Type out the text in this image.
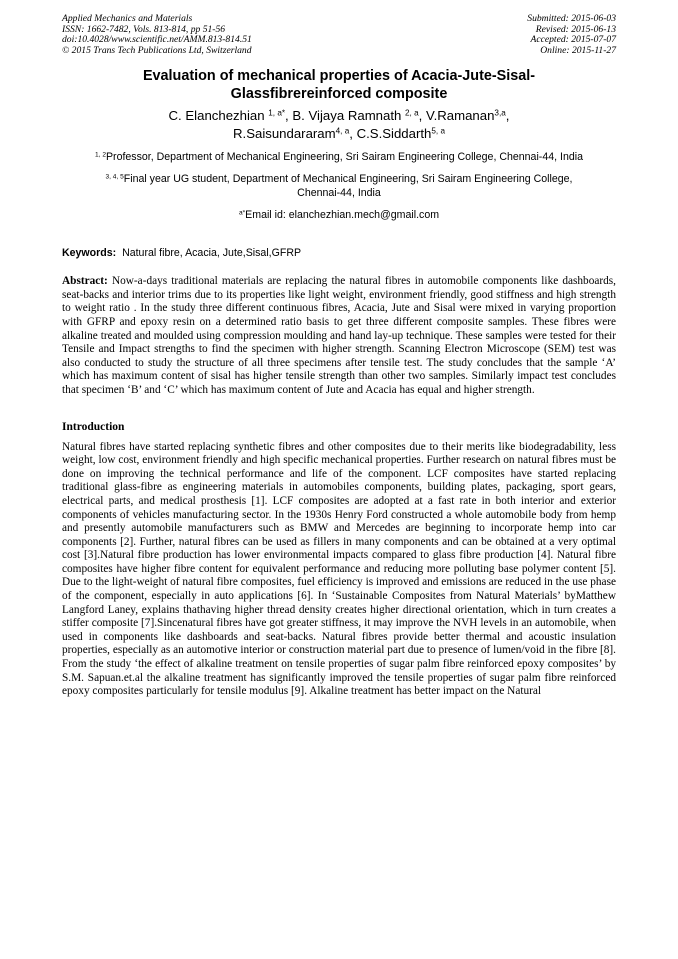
Applied Mechanics and Materials
ISSN: 1662-7482, Vols. 813-814, pp 51-56
doi:10.4028/www.scientific.net/AMM.813-814.51
© 2015 Trans Tech Publications Ltd, Switzerland
Submitted: 2015-06-03
Revised: 2015-06-13
Accepted: 2015-07-07
Online: 2015-11-27
Evaluation of mechanical properties of Acacia-Jute-Sisal-
Glassfibrereinforced composite
C. Elanchezhian $^{1, a*}$, B. Vijaya Ramnath $^{2, a}$, V.Ramanan$^{3,a}$,
R.Saisundararam$^{4, a}$, C.S.Siddarth$^{5, a}$
$^{1, 2}$Professor, Department of Mechanical Engineering, Sri Sairam Engineering College, Chennai-44, India
$^{3, 4, 5}$Final year UG student, Department of Mechanical Engineering, Sri Sairam Engineering College,
Chennai-44, India
$^{a*}$Email id: elanchezhian.mech@gmail.com
Keywords: Natural fibre, Acacia, Jute,Sisal,GFRP
Abstract: Now-a-days traditional materials are replacing the natural fibres in automobile components like dashboards, seat-backs and interior trims due to its properties like light weight, environment friendly, good stiffness and high strength to weight ratio . In the study three different continuous fibres, Acacia, Jute and Sisal were mixed in varying proportion with GFRP and epoxy resin on a determined ratio basis to get three different composite samples. These fibres were alkaline treated and moulded using compression moulding and hand lay-up technique. These samples were tested for their Tensile and Impact strengths to find the specimen with higher strength. Scanning Electron Microscope (SEM) test was also conducted to study the structure of all three specimens after tensile test. The study concludes that the sample ‘A’ which has maximum content of sisal has higher tensile strength than other two samples. Similarly impact test concludes that specimen ‘B’ and ‘C’ which has maximum content of Jute and Acacia has equal and higher strength.
Introduction
Natural fibres have started replacing synthetic fibres and other composites due to their merits like biodegradability, less weight, low cost, environment friendly and high specific mechanical properties. Further research on natural fibres must be done on improving the technical performance and life of the component. LCF composites have started replacing traditional glass-fibre as engineering materials in automobiles components, building plates, packaging, sport gears, electrical parts, and medical prosthesis [1]. LCF composites are adopted at a fast rate in both interior and exterior components of vehicles manufacturing sector. In the 1930s Henry Ford constructed a whole automobile body from hemp and presently automobile manufacturers such as BMW and Mercedes are beginning to incorporate hemp into car components [2]. Further, natural fibres can be used as fillers in many components and can be obtained at a very optimal cost [3].Natural fibre production has lower environmental impacts compared to glass fibre production [4]. Natural fibre composites have higher fibre content for equivalent performance and reducing more polluting base polymer content [5]. Due to the light-weight of natural fibre composites, fuel efficiency is improved and emissions are reduced in the use phase of the component, especially in auto applications [6]. In ‘Sustainable Composites from Natural Materials’ byMatthew Langford Laney, explains thathaving higher thread density creates higher directional orientation, which in turn creates a stiffer composite [7].Sincenatural fibres have got greater stiffness, it may improve the NVH levels in an automobile, when used in components like dashboards and seat-backs. Natural fibres provide better thermal and acoustic insulation properties, especially as an automotive interior or construction material part due to presence of lumen/void in the fibre [8]. From the study ‘the effect of alkaline treatment on tensile properties of sugar palm fibre reinforced epoxy composites’ by S.M. Sapuan.et.al the alkaline treatment has significantly improved the tensile properties of sugar palm fibre reinforced epoxy composites particularly for tensile modulus [9]. Alkaline treatment has better impact on the Natural
